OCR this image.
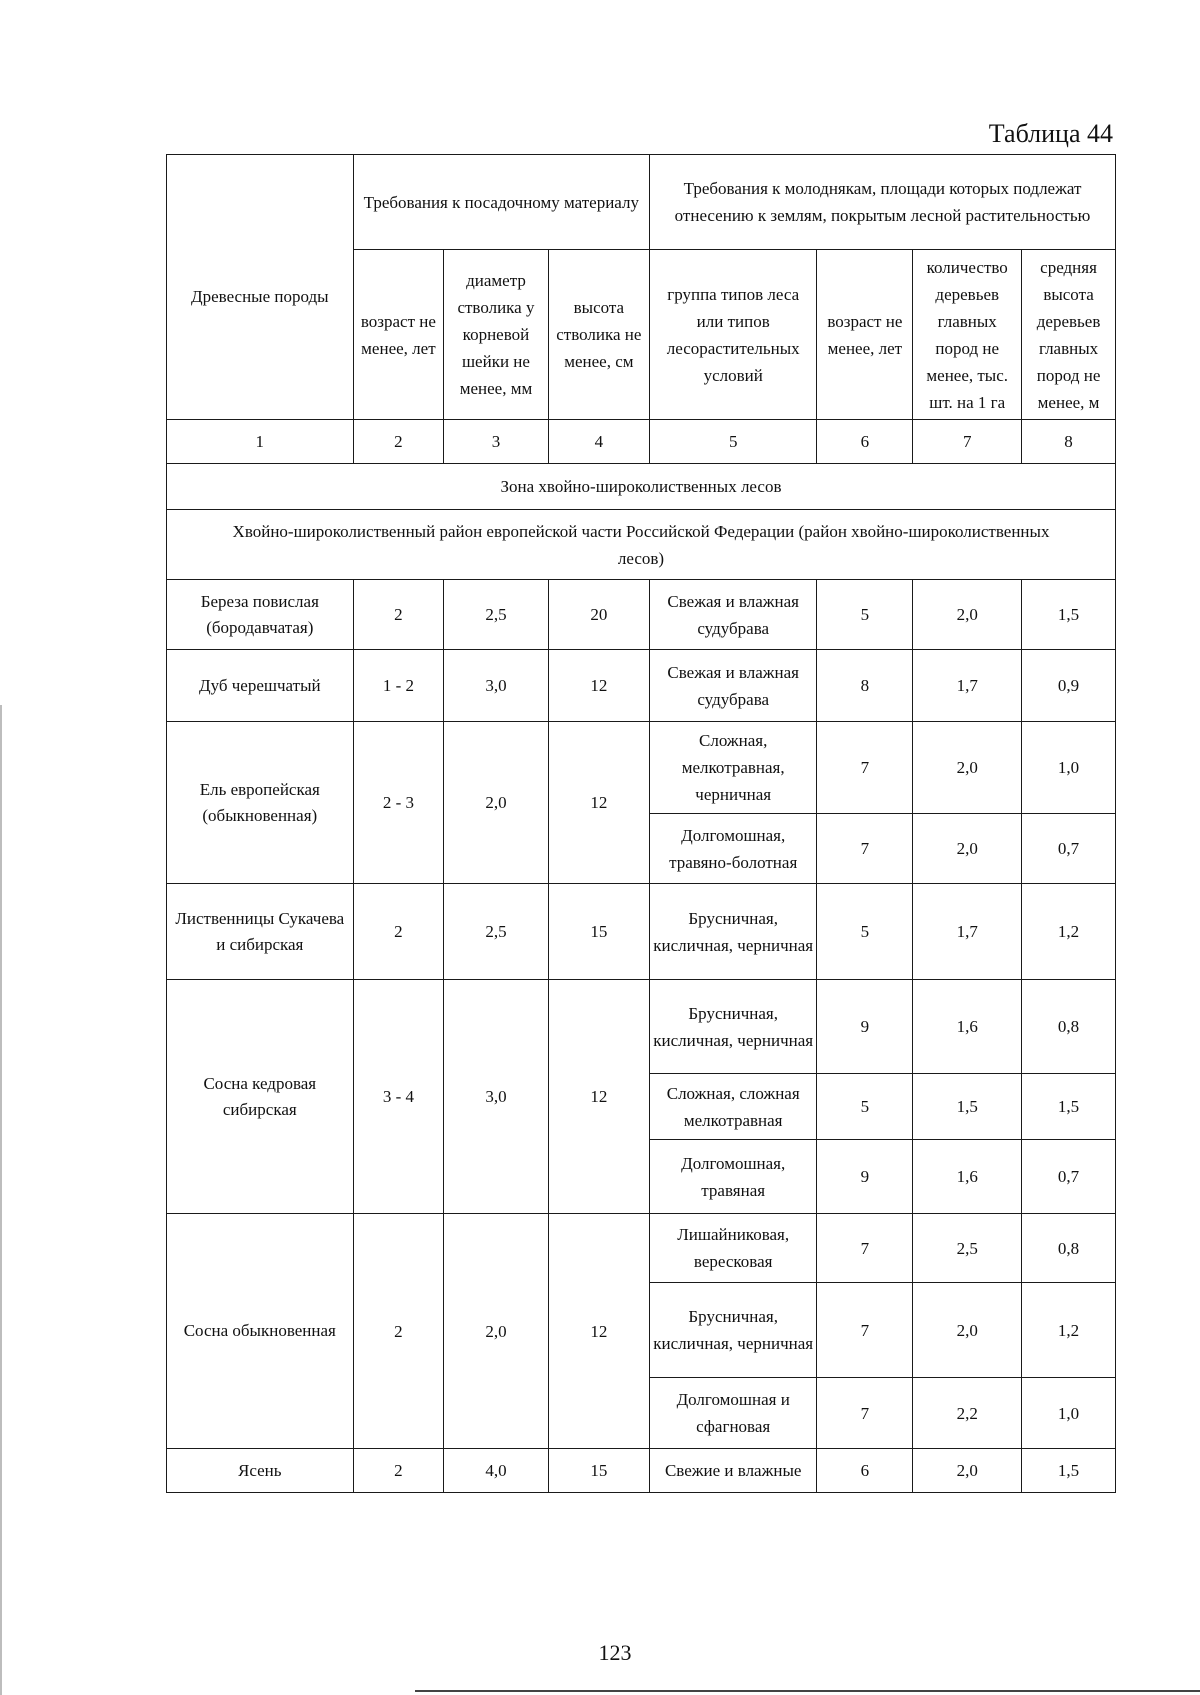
Таблица 44
Древесные породы	Требования к посадочному материалу			Требования к молоднякам, площади которых подлежат отнесению к землям, покрытым лесной растительностью			
	возраст не менее, лет	диаметр стволика у корневой шейки не менее, мм	высота стволика не менее, см	группа типов леса или типов лесорастительных условий	возраст не менее, лет	количество деревьев главных пород не менее, тыс. шт. на 1 га	средняя высота деревьев главных пород не менее, м
1	2	3	4	5	6	7	8
Зона хвойно-широколиственных лесов							
Хвойно-широколиственный район европейской части Российской Федерации (район хвойно-широколиственных лесов)							
Береза повислая (бородавчатая)	2	2,5	20	Свежая и влажная судубрава	5	2,0	1,5
Дуб черешчатый	1 - 2	3,0	12	Свежая и влажная судубрава	8	1,7	0,9
Ель европейская (обыкновенная)	2 - 3	2,0	12	Сложная, мелкотравная, черничная	7	2,0	1,0
				Долгомошная, травяно-болотная	7	2,0	0,7
Лиственницы Сукачева и сибирская	2	2,5	15	Брусничная, кисличная, черничная	5	1,7	1,2
Сосна кедровая сибирская	3 - 4	3,0	12	Брусничная, кисличная, черничная	9	1,6	0,8
				Сложная, сложная мелкотравная	5	1,5	1,5
				Долгомошная, травяная	9	1,6	0,7
Сосна обыкновенная	2	2,0	12	Лишайниковая, вересковая	7	2,5	0,8
				Брусничная, кисличная, черничная	7	2,0	1,2
				Долгомошная и сфагновая	7	2,2	1,0
Ясень	2	4,0	15	Свежие и влажные	6	2,0	1,5
123
